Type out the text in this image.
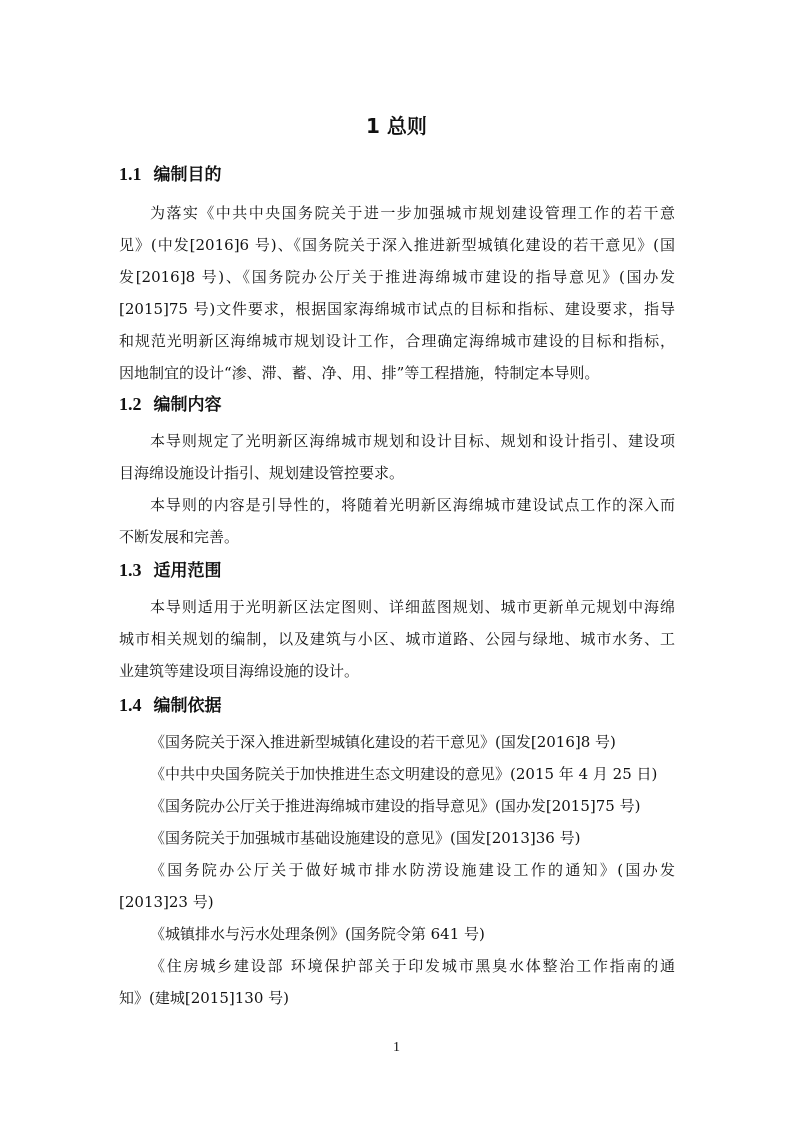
1 总则
1.1 编制目的
为落实《中共中央国务院关于进一步加强城市规划建设管理工作的若干意
见》(中发[2016]6 号)、《国务院关于深入推进新型城镇化建设的若干意见》(国
发[2016]8 号)、《国务院办公厅关于推进海绵城市建设的指导意见》(国办发
[2015]75 号)文件要求，根据国家海绵城市试点的目标和指标、建设要求，指导
和规范光明新区海绵城市规划设计工作，合理确定海绵城市建设的目标和指标，
因地制宜的设计“渗、滞、蓄、净、用、排”等工程措施，特制定本导则。
1.2 编制内容
本导则规定了光明新区海绵城市规划和设计目标、规划和设计指引、建设项
目海绵设施设计指引、规划建设管控要求。
本导则的内容是引导性的，将随着光明新区海绵城市建设试点工作的深入而
不断发展和完善。
1.3 适用范围
本导则适用于光明新区法定图则、详细蓝图规划、城市更新单元规划中海绵
城市相关规划的编制，以及建筑与小区、城市道路、公园与绿地、城市水务、工
业建筑等建设项目海绵设施的设计。
1.4 编制依据
《国务院关于深入推进新型城镇化建设的若干意见》(国发[2016]8 号)
《中共中央国务院关于加快推进生态文明建设的意见》(2015 年 4 月 25 日)
《国务院办公厅关于推进海绵城市建设的指导意见》(国办发[2015]75 号)
《国务院关于加强城市基础设施建设的意见》(国发[2013]36 号)
《国务院办公厅关于做好城市排水防涝设施建设工作的通知》(国办发
[2013]23 号)
《城镇排水与污水处理条例》(国务院令第 641 号)
《住房城乡建设部 环境保护部关于印发城市黑臭水体整治工作指南的通
知》(建城[2015]130 号)
1
